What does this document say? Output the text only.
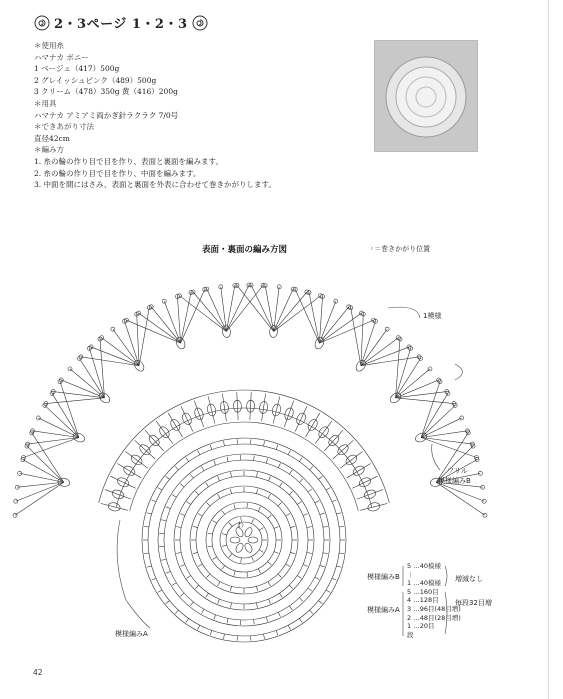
2・3ページ 1・2・3
＊使用糸
ハマナカ ボニー
1 ベージュ（417）500g
2 グレイッシュピンク（489）500g
3 クリーム（478）350g 黄（416）200g
＊用具
ハマナカ アミアミ両かぎ針ラクラク 7/0号
＊できあがり寸法
直径42cm
＊編み方
1. 糸の輪の作り目で目を作り、表面と裏面を編みます。
2. 糸の輪の作り目で目を作り、中面を編みます。
3. 中面を間にはさみ、表面と裏面を外表に合わせて巻きかがりします。
表面・裏面の編み方図	◦＝巻きかがり位置
1模様
フリル
模様編みB
模様編みB
模様編みA
模様編みA
わ
5 …40模様
⋮
1 …40模様
5 …160目
4 …128目
3 …96目(48目増)
2 …48目(28目増)
1 …20目
段
増減なし
毎段32目増
42
